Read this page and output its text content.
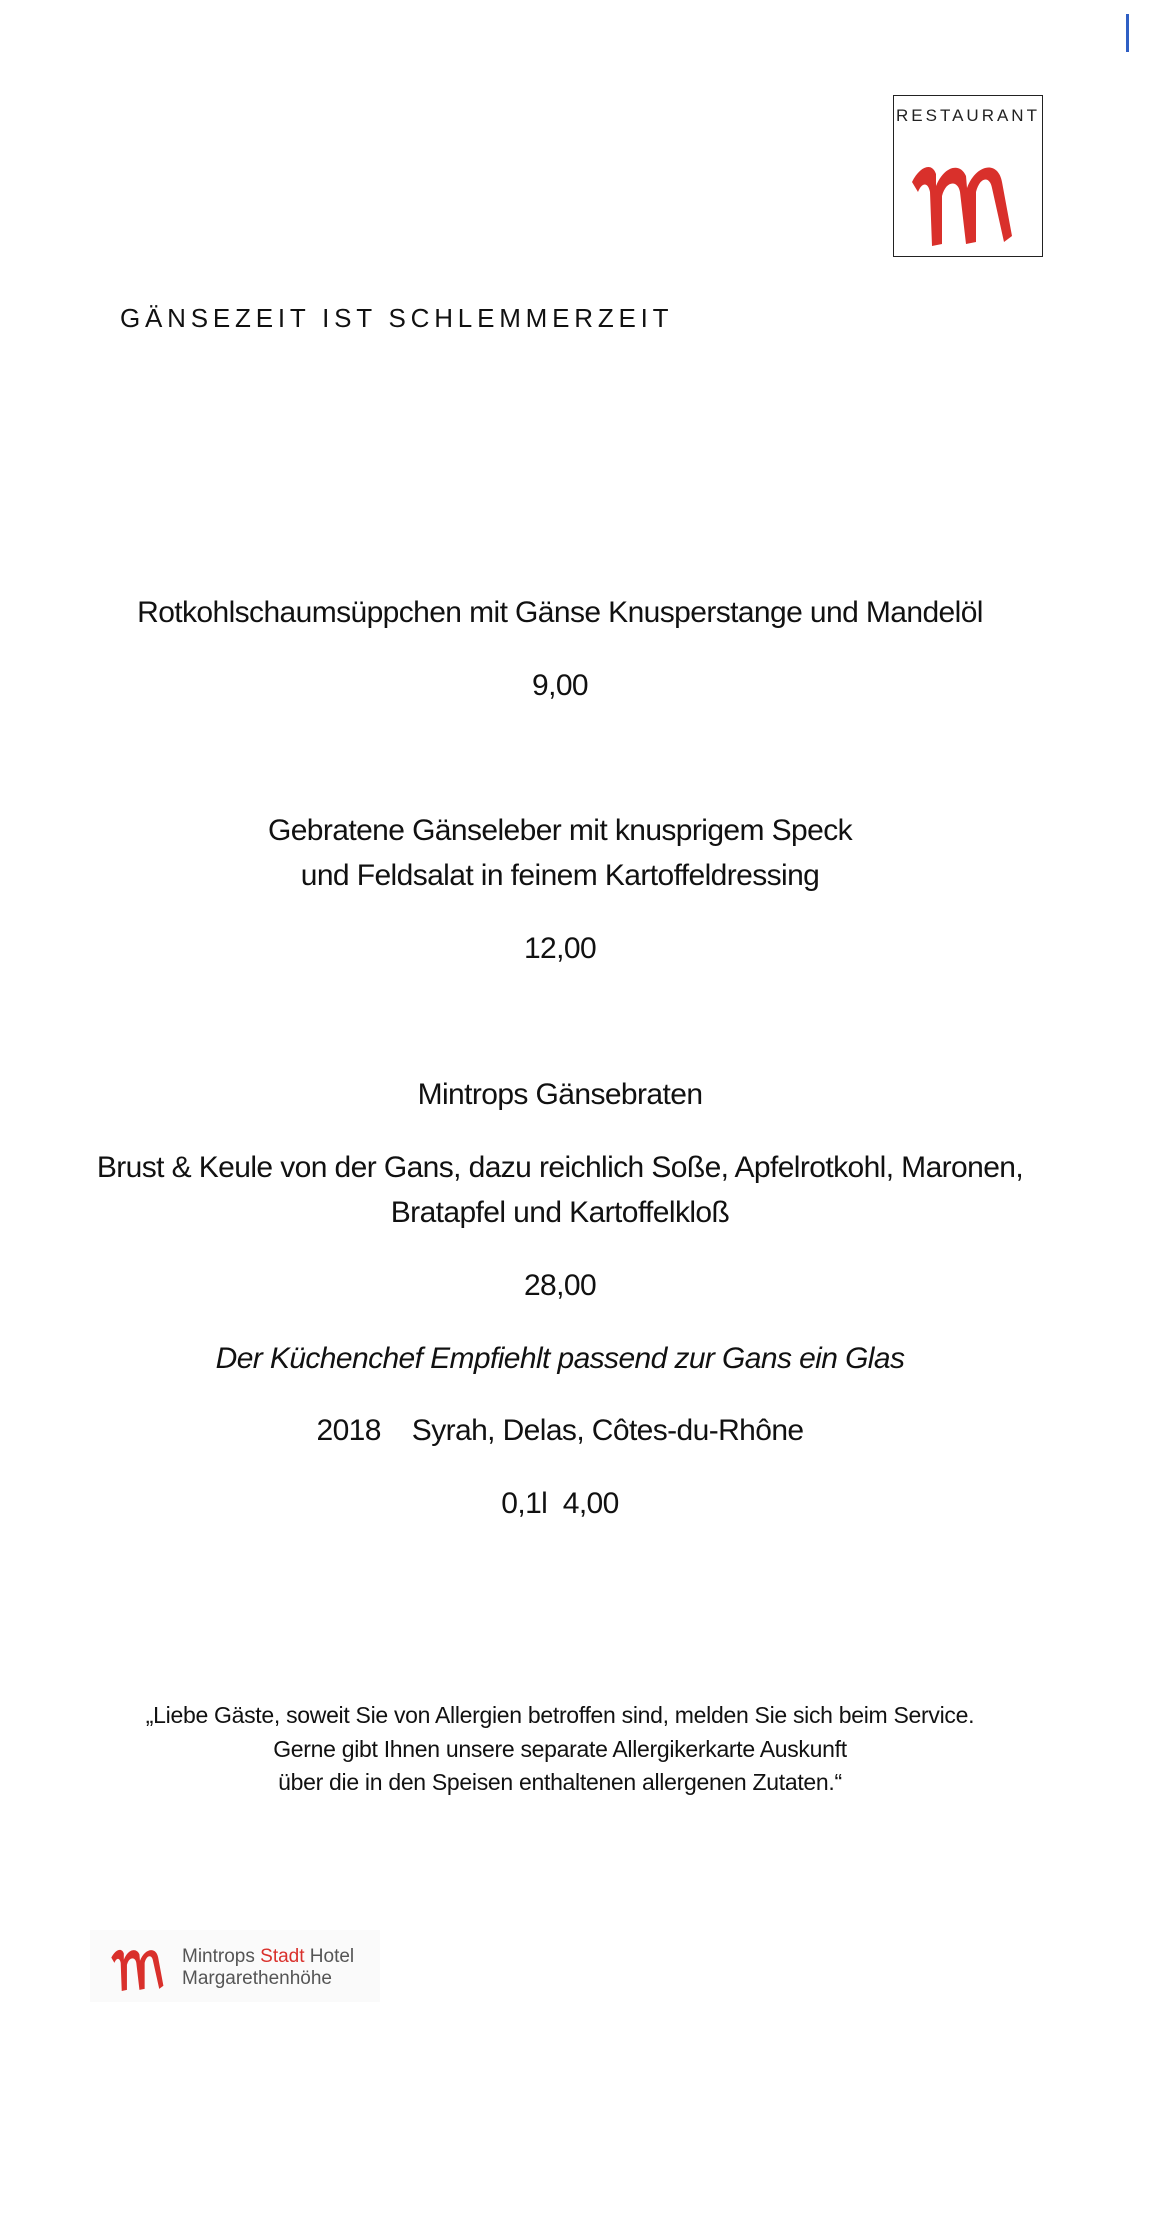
RESTAURANT
GÄNSEZEIT IST SCHLEMMERZEIT

Rotkohlschaumsüppchen mit Gänse Knusperstange und Mandelöl

9,00

Gebratene Gänseleber mit knusprigem Speck

und Feldsalat in feinem Kartoffeldressing

12,00

Mintrops Gänsebraten

Brust & Keule von der Gans, dazu reichlich Soße, Apfelrotkohl, Maronen,

Bratapfel und Kartoffelkloß

28,00

Der Küchenchef Empfiehlt passend zur Gans ein Glas

2018 Syrah, Delas, Côtes-du-Rhône

0,1l 4,00

„Liebe Gäste, soweit Sie von Allergien betroffen sind, melden Sie sich beim Service.

Gerne gibt Ihnen unsere separate Allergikerkarte Auskunft

über die in den Speisen enthaltenen allergenen Zutaten.“

Mintrops Stadt Hotel
Margarethenhöhe
